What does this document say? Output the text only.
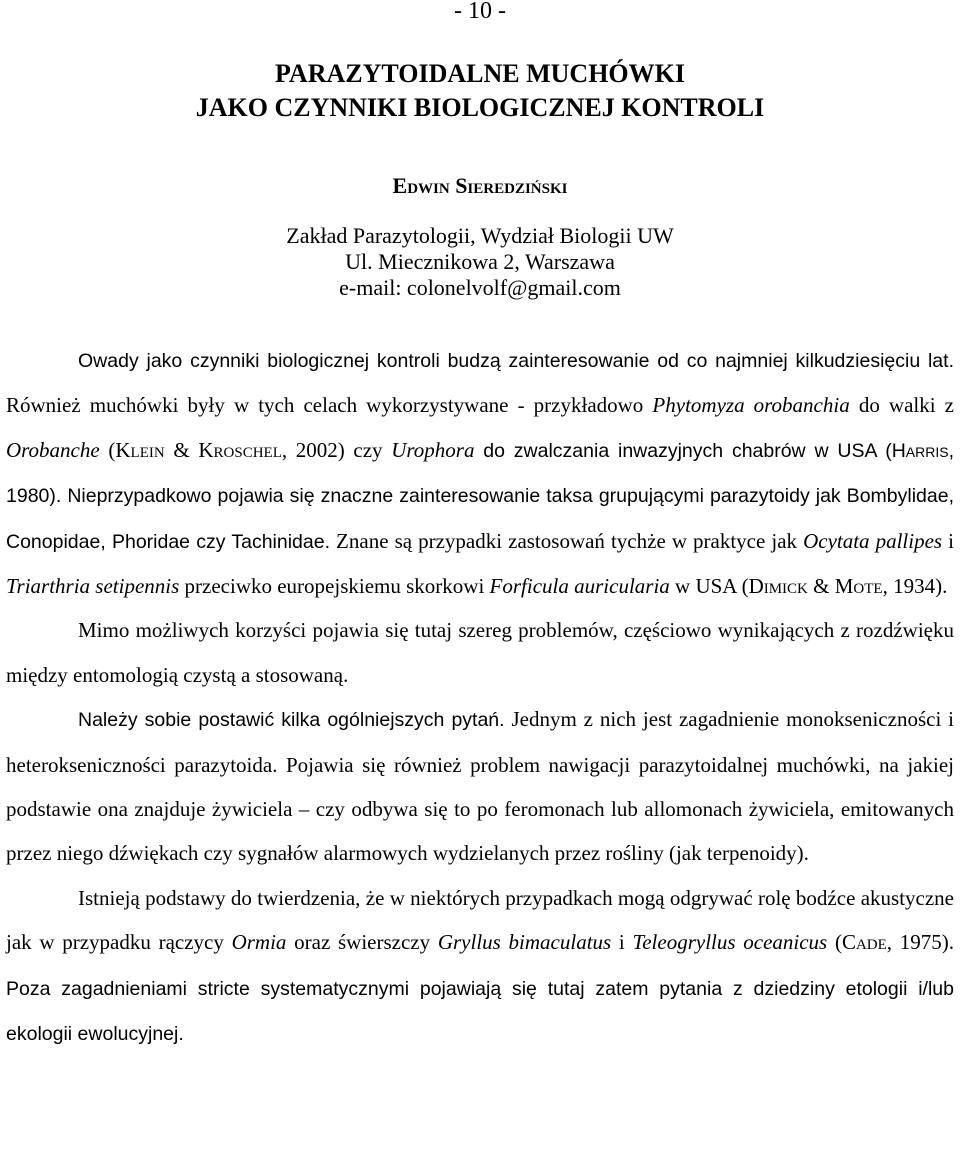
- 10 -
PARAZYTOIDALNE MUCHÓWKI
JAKO CZYNNIKI BIOLOGICZNEJ KONTROLI
Edwin Sieredziński
Zakład Parazytologii, Wydział Biologii UW
Ul. Miecznikowa 2, Warszawa
e-mail: colonelvolf@gmail.com

Owady jako czynniki biologicznej kontroli budzą zainteresowanie od co najmniej kilkudziesięciu lat. Również muchówki były w tych celach wykorzystywane - przykładowo Phytomyza orobanchia do walki z Orobanche (Klein & Kroschel, 2002) czy Urophora do zwalczania inwazyjnych chabrów w USA (Harris, 1980). Nieprzypadkowo pojawia się znaczne zainteresowanie taksa grupującymi parazytoidy jak Bombylidae, Conopidae, Phoridae czy Tachinidae. Znane są przypadki zastosowań tychże w praktyce jak Ocytata pallipes i Triarthria setipennis przeciwko europejskiemu skorkowi Forficula auricularia w USA (Dimick & Mote, 1934).

Mimo możliwych korzyści pojawia się tutaj szereg problemów, częściowo wynikających z rozdźwięku między entomologią czystą a stosowaną.

Należy sobie postawić kilka ogólniejszych pytań. Jednym z nich jest zagadnienie monokseniczności i heterokseniczności parazytoida. Pojawia się również problem nawigacji parazytoidalnej muchówki, na jakiej podstawie ona znajduje żywiciela – czy odbywa się to po feromonach lub allomonach żywiciela, emitowanych przez niego dźwiękach czy sygnałów alarmowych wydzielanych przez rośliny (jak terpenoidy).

Istnieją podstawy do twierdzenia, że w niektórych przypadkach mogą odgrywać rolę bodźce akustyczne jak w przypadku rączycy Ormia oraz świerszczy Gryllus bimaculatus i Teleogryllus oceanicus (Cade, 1975). Poza zagadnieniami stricte systematycznymi pojawiają się tutaj zatem pytania z dziedziny etologii i/lub ekologii ewolucyjnej.
